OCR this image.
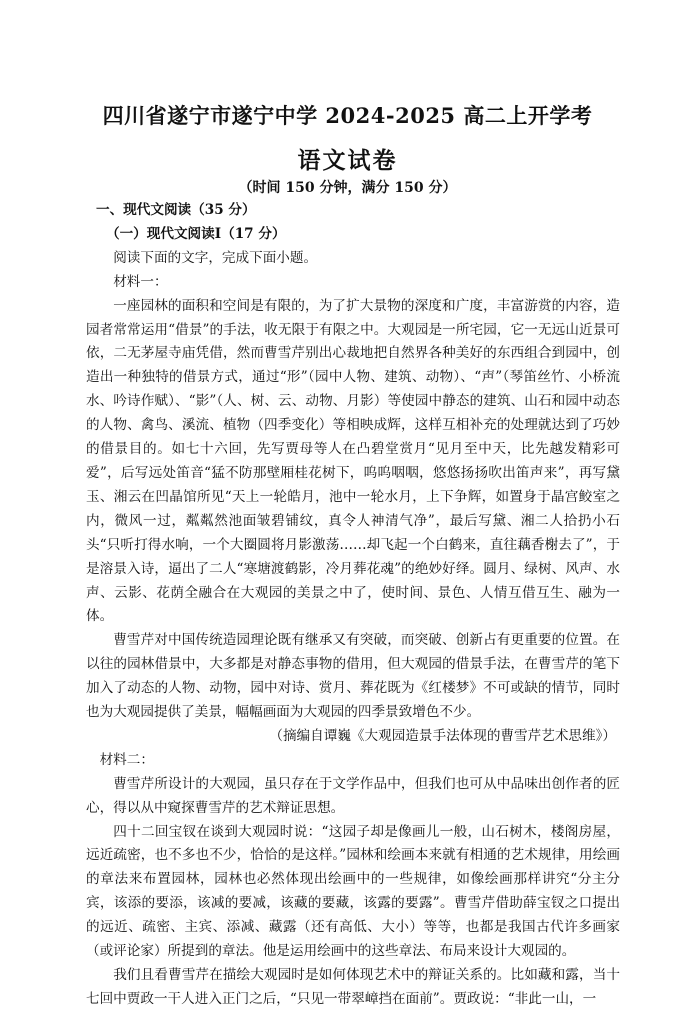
四川省遂宁市遂宁中学 2024-2025 高二上开学考
语文试卷
（时间 150 分钟，满分 150 分）

一、现代文阅读（35 分）

（一）现代文阅读Ⅰ（17 分）

阅读下面的文字，完成下面小题。

材料一：

一座园林的面积和空间是有限的，为了扩大景物的深度和广度，丰富游赏的内容，造园者常常运用“借景”的手法，收无限于有限之中。大观园是一所宅园，它一无远山近景可依，二无茅屋寺庙凭借，然而曹雪芹别出心裁地把自然界各种美好的东西组合到园中，创造出一种独特的借景方式，通过“形”（园中人物、建筑、动物）、“声”（琴笛丝竹、小桥流水、吟诗作赋）、“影”（人、树、云、动物、月影）等使园中静态的建筑、山石和园中动态的人物、禽鸟、溪流、植物（四季变化）等相映成辉，这样互相补充的处理就达到了巧妙的借景目的。如七十六回，先写贾母等人在凸碧堂赏月“见月至中天，比先越发精彩可爱”，后写远处笛音“猛不防那壁厢桂花树下，呜呜咽咽，悠悠扬扬吹出笛声来”，再写黛玉、湘云在凹晶馆所见“天上一轮皓月，池中一轮水月，上下争辉，如置身于晶宫鲛室之内，微风一过，粼粼然池面皱碧铺纹，真令人神清气净”，最后写黛、湘二人拾扔小石头“只听打得水响，一个大圈圆将月影激荡……却飞起一个白鹤来，直往藕香榭去了”，于是溶景入诗，逼出了二人“寒塘渡鹤影，冷月葬花魂”的绝妙好绎。圆月、绿树、风声、水声、云影、花荫全融合在大观园的美景之中了，使时间、景色、人情互借互生、融为一体。

曹雪芹对中国传统造园理论既有继承又有突破，而突破、创新占有更重要的位置。在以往的园林借景中，大多都是对静态事物的借用，但大观园的借景手法，在曹雪芹的笔下加入了动态的人物、动物，园中对诗、赏月、葬花既为《红楼梦》不可或缺的情节，同时也为大观园提供了美景，幅幅画面为大观园的四季景致增色不少。

（摘编自谭巍《大观园造景手法体现的曹雪芹艺术思维》）

材料二：

曹雪芹所设计的大观园，虽只存在于文学作品中，但我们也可从中品味出创作者的匠心，得以从中窥探曹雪芹的艺术辩证思想。

四十二回宝钗在谈到大观园时说：“这园子却是像画儿一般，山石树木，楼阁房屋，远近疏密，也不多也不少，恰恰的是这样。”园林和绘画本来就有相通的艺术规律，用绘画的章法来布置园林，园林也必然体现出绘画中的一些规律，如像绘画那样讲究“分主分宾，该添的要添，该减的要减，该藏的要藏，该露的要露”。曹雪芹借助薛宝钗之口提出的远近、疏密、主宾、添减、藏露（还有高低、大小）等等，也都是我国古代许多画家（或评论家）所提到的章法。他是运用绘画中的这些章法、布局来设计大观园的。

我们且看曹雪芹在描绘大观园时是如何体现艺术中的辩证关系的。比如藏和露，当十七回中贾政一干人进入正门之后，“只见一带翠嶂挡在面前”。贾政说：“非此一山，一
